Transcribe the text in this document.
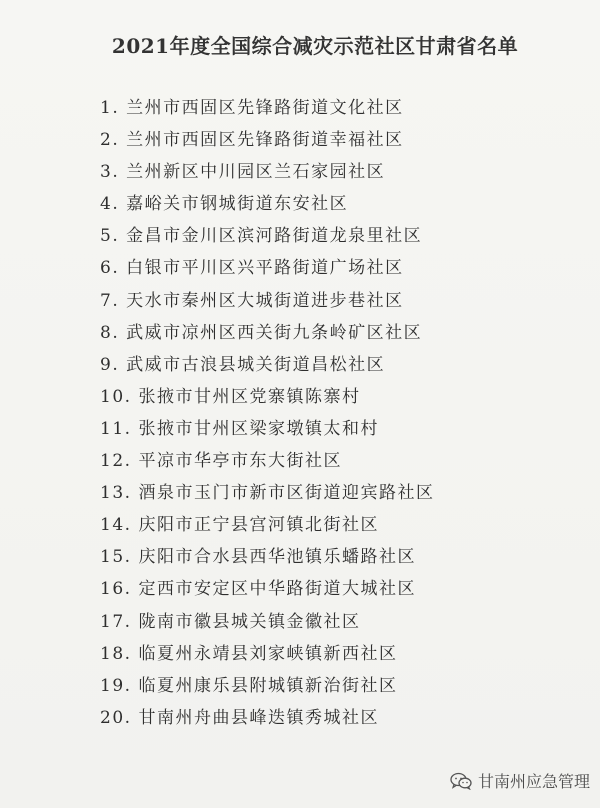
2021年度全国综合减灾示范社区甘肃省名单
1. 兰州市西固区先锋路街道文化社区
2. 兰州市西固区先锋路街道幸福社区
3. 兰州新区中川园区兰石家园社区
4. 嘉峪关市钢城街道东安社区
5. 金昌市金川区滨河路街道龙泉里社区
6. 白银市平川区兴平路街道广场社区
7. 天水市秦州区大城街道进步巷社区
8. 武威市凉州区西关街九条岭矿区社区
9. 武威市古浪县城关街道昌松社区
10. 张掖市甘州区党寨镇陈寨村
11. 张掖市甘州区梁家墩镇太和村
12. 平凉市华亭市东大街社区
13. 酒泉市玉门市新市区街道迎宾路社区
14. 庆阳市正宁县宫河镇北街社区
15. 庆阳市合水县西华池镇乐蟠路社区
16. 定西市安定区中华路街道大城社区
17. 陇南市徽县城关镇金徽社区
18. 临夏州永靖县刘家峡镇新西社区
19. 临夏州康乐县附城镇新治街社区
20. 甘南州舟曲县峰迭镇秀城社区
甘南州应急管理
